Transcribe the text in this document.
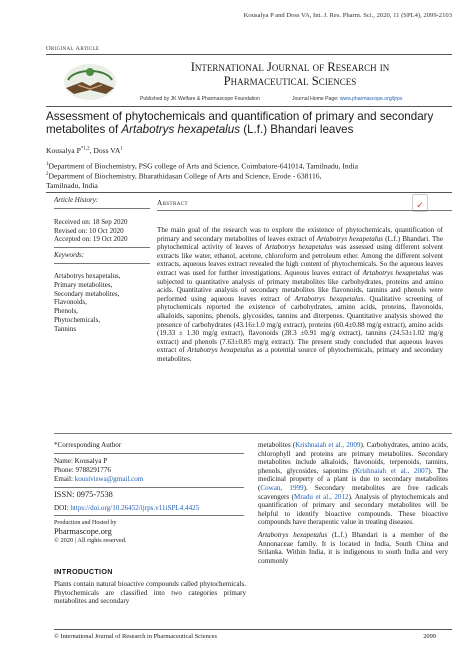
Kousalya P and Doss VA, Int. J. Res. Pharm. Sci., 2020, 11 (SPL4), 2099-2103
Original Article
International Journal of Research in
Pharmaceutical Sciences
Published by JK Welfare & Pharmascope Foundation	Journal Home Page: www.pharmascope.org/ijrps
Assessment of phytochemicals and quantification of primary and secondary metabolites of Artabotrys hexapetalus (L.f.) Bhandari leaves
Kousalya P$^{*1,2}$, Doss $VA^1$
$^1$Department of Biochemistry, PSG college of Arts and Science, Coimbatore-641014, Tamilnadu, India
$^2$Department of Biochemistry, Bharathidasan College of Arts and Science, Erode - 638116,
Tamilnadu, India
Article History:
Received on: 18 Sep 2020
Revised on: 10 Oct 2020
Accepted on: 19 Oct 2020
Keywords:
Artabotrys hexapetalus,
Primary metabolites,
Secondary metabolites,
Flavonoids,
Phenols,
Phytochemicals,
Tannins
Abstract	✓
The main goal of the research was to explore the existence of phytochemicals, quantification of primary and secondary metabolites of leaves extract of Artabotrys hexapetalus (L.f.) Bhandari. The phytochemical activity of leaves of Artabotrys hexapetalus was assessed using different solvent extracts like water, ethanol, acetone, chloroform and petroleum ether. Among the different solvent extracts, aqueous leaves extract revealed the high content of phytochemicals. So the aqueous leaves extract was used for further investigations. Aqueous leaves extract of Artabotrys hexapetalus was subjected to quantitative analysis of primary metabolites like carbohydrates, proteins and amino acids. Quantitative analysis of secondary metabolites like flavonoids, tannins and phenols were performed using aqueous leaves extract of Artabotrys hexapetalus. Qualitative screening of phytochemicals reported the existence of carbohydrates, amino acids, proteins, flavonoids, alkaloids, saponins, phenols, glycosides, tannins and diterpenes. Quantitative analysis showed the presence of carbohydrates (43.16±1.0 mg/g extract), proteins (60.4±0.88 mg/g extract), amino acids (19.33 ± 1.30 mg/g extract), flavonoids (28.3 ±0.91 mg/g extract), tannins (24.53±1.02 mg/g extract) and phenols (7.63±0.85 mg/g extract). The present study concluded that aqueous leaves extract of Artabotrys hexapetalus as a potential source of phytochemicals, primary and secondary metabolites.
*Corresponding Author
Name: Kousalya P
Phone: 9788291776
Email: kousiviswa@gmail.com
ISSN: 0975-7538
DOI: https://doi.org/10.26452/ijrps.v11iSPL4.4425
Production and Hosted by
Pharmascope.org
© 2020 | All rights reserved.
INTRODUCTION
Plants contain natural bioactive compounds called phytochemicals. Phytochemicals are classified into two categories primary metabolites and secondary

metabolites (Krishnaiah et al., 2009). Carbohydrates, amino acids, chlorophyll and proteins are primary metabolites. Secondary metabolites include alkaloids, flavonoids, terpenoids, tannins, phenols, glycosides, saponins (Krishnaiah et al., 2007). The medicinal property of a plant is due to secondary metabolites (Cowan, 1999). Secondary metabolites are free radicals scavengers (Mradu et al., 2012). Analysis of phytochemicals and quantification of primary and secondary metabolites will be helpful to identify bioactive compounds. These bioactive compounds have therapeutic value in treating diseases.

Artabotrys hexapetalus (L.f.) Bhandari is a member of the Annonaceae family. It is located in India, South China and Srilanka. Within India, it is indigenous to south India and very commonly

© International Journal of Research in Pharmaceutical Sciences	2099
